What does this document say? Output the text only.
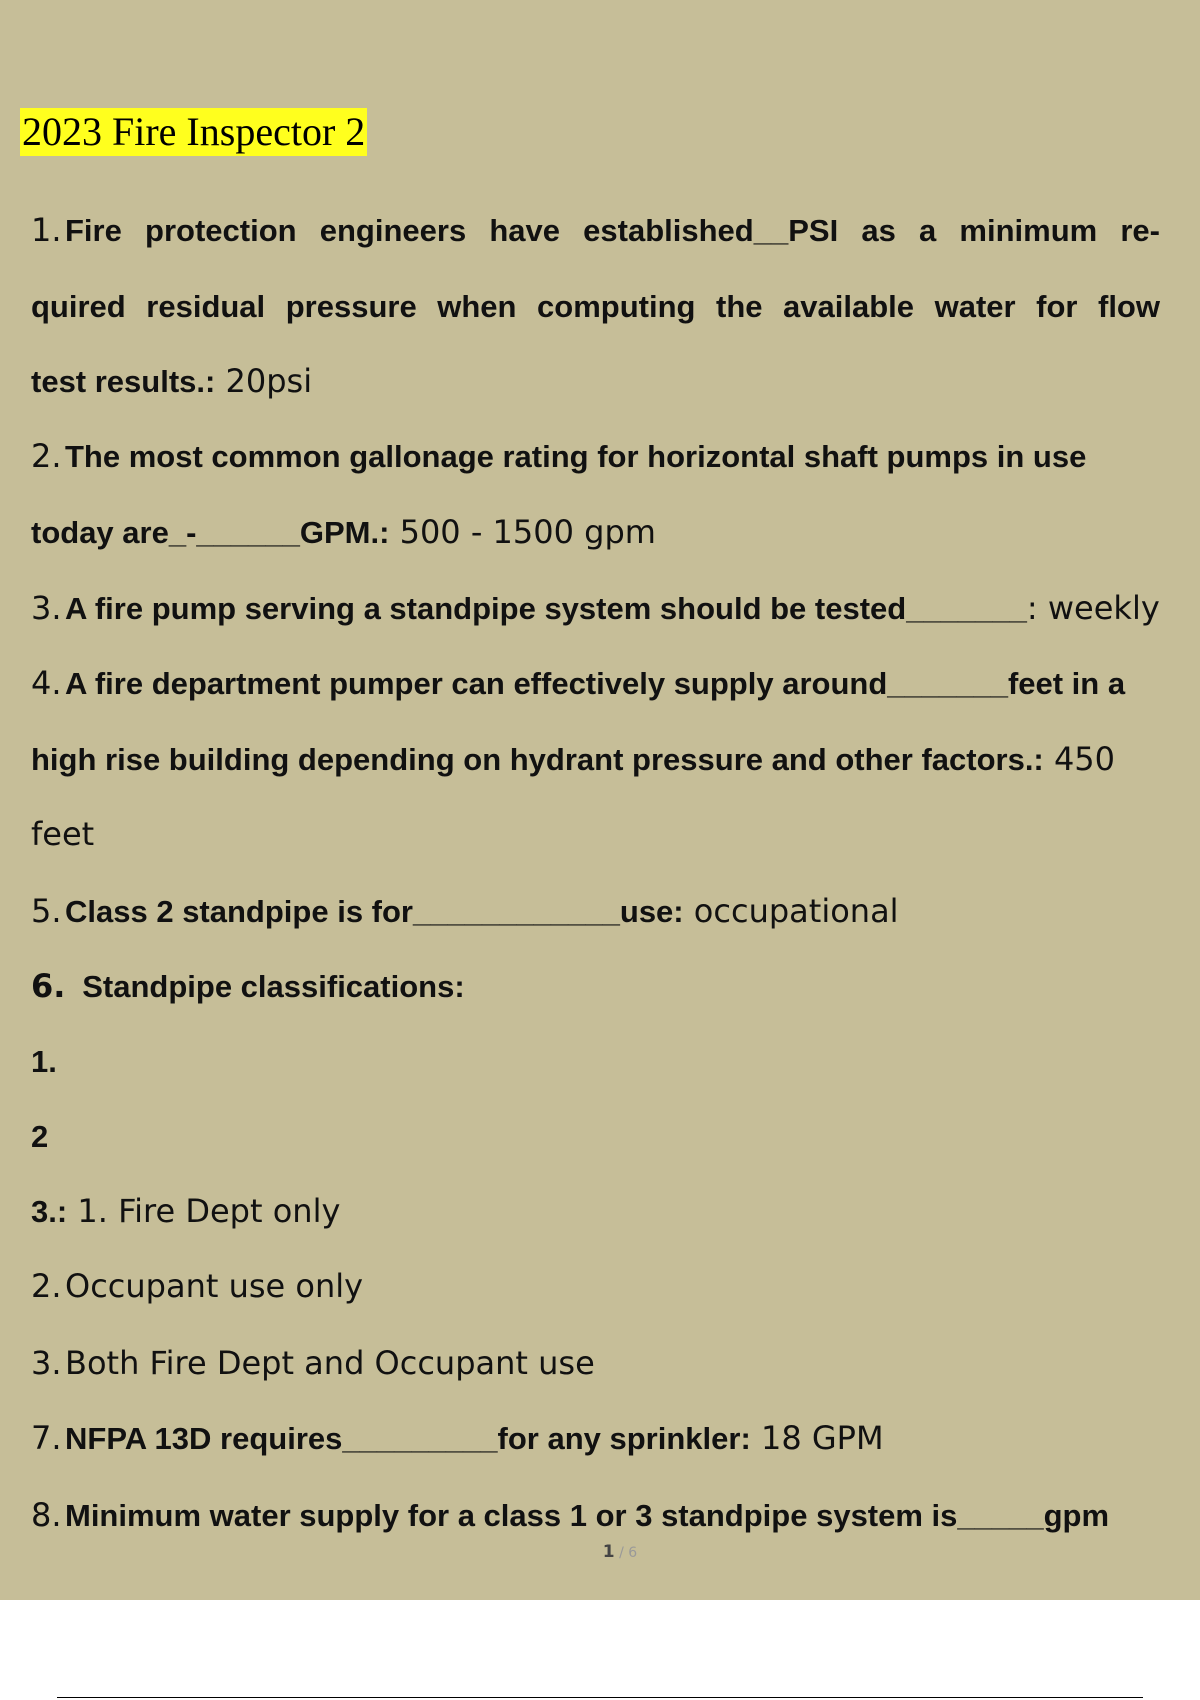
2023 Fire Inspector 2
1. Fire protection engineers have established__PSI as a minimum re-
quired residual pressure when computing the available water for flow
test results.: 20psi
2. The most common gallonage rating for horizontal shaft pumps in use
today are_-______GPM.: 500 - 1500 gpm
3. A fire pump serving a standpipe system should be tested_______: weekly
4. A fire department pumper can effectively supply around_______feet in a
high rise building depending on hydrant pressure and other factors.: 450
feet
5. Class 2 standpipe is for____________use: occupational
6.  Standpipe classifications:
1.
2
3.: 1. Fire Dept only
2. Occupant use only
3. Both Fire Dept and Occupant use
7. NFPA 13D requires_________for any sprinkler: 18 GPM
8. Minimum water supply for a class 1 or 3 standpipe system is_____gpm
1 / 6
